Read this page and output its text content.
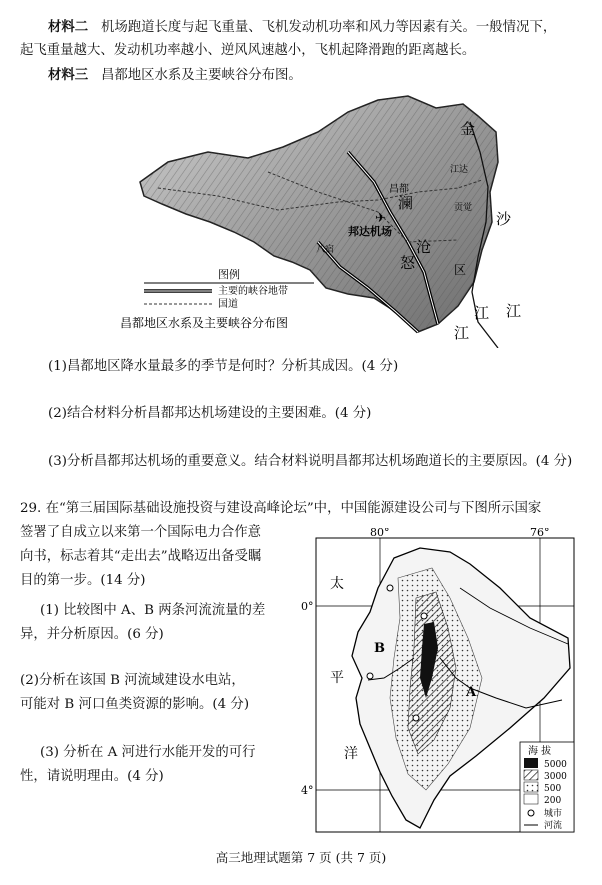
材料二 机场跑道长度与起飞重量、飞机发动机功率和风力等因素有关。一般情况下，
起飞重量越大、发动机功率越小、逆风风速越小，飞机起降滑跑的距离越长。
材料三 昌都地区水系及主要峡谷分布图。
✈
邦达机场
昌都
八宿
江达
贡觉
金
沙
江
澜
沧
区
江
怒
江
图例
主要的峡谷地带
国道
昌都地区水系及主要峡谷分布图
(1)昌都地区降水量最多的季节是何时？分析其成因。(4 分)
(2)结合材料分析昌都邦达机场建设的主要困难。(4 分)
(3)分析昌都邦达机场的重要意义。结合材料说明昌都邦达机场跑道长的主要原因。(4 分)
29. 在“第三届国际基础设施投资与建设高峰论坛”中，中国能源建设公司与下图所示国家
签署了自成立以来第一个国际电力合作意
向书，标志着其“走出去”战略迈出备受瞩
目的第一步。(14 分)
(1) 比较图中 A、B 两条河流流量的差
异，并分析原因。(6 分)
(2)分析在该国 B 河流域建设水电站，
可能对 B 河口鱼类资源的影响。(4 分)
(3) 分析在 A 河进行水能开发的可行
性，请说明理由。(4 分)
80°	76°
0°
4°
B
A
太
平
洋	海 拔
5000
3000
500
200
城市
河流
高三地理试题第 7 页 (共 7 页)
